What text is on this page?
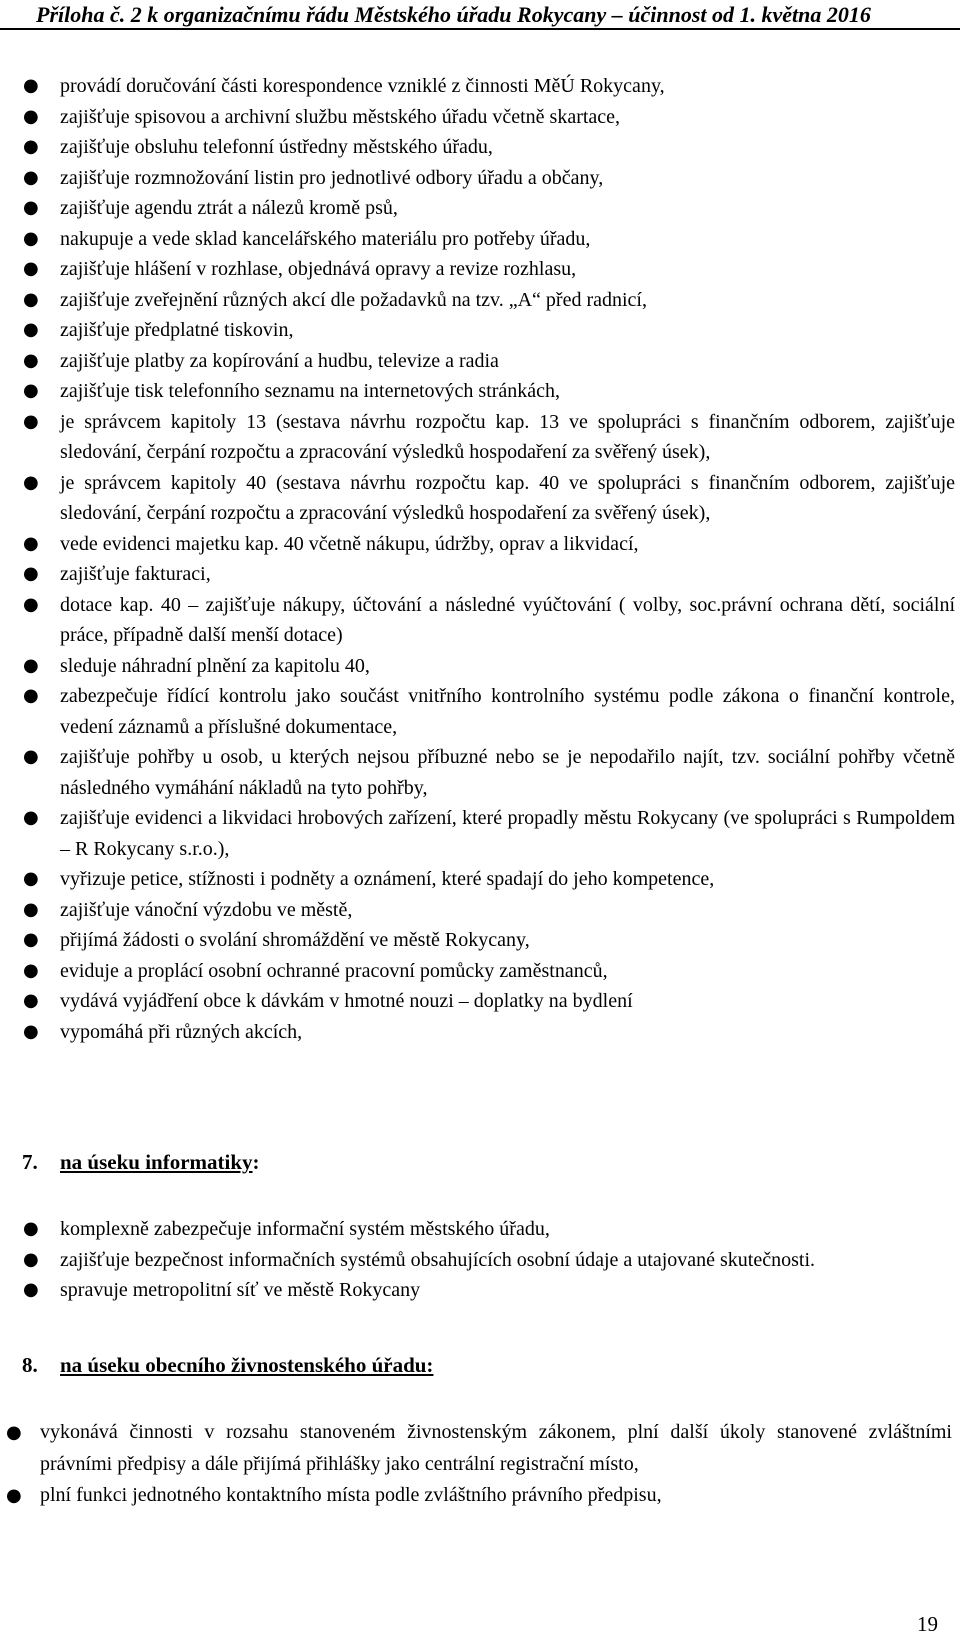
Příloha č. 2 k organizačnímu řádu Městského úřadu Rokycany – účinnost od 1. května 2016
● provádí doručování části korespondence vzniklé z činnosti MěÚ Rokycany,
● zajišťuje spisovou a archivní službu městského úřadu včetně skartace,
● zajišťuje obsluhu telefonní ústředny městského úřadu,
● zajišťuje rozmnožování listin pro jednotlivé odbory úřadu a občany,
● zajišťuje agendu ztrát a nálezů kromě psů,
● nakupuje a vede sklad kancelářského materiálu pro potřeby úřadu,
● zajišťuje hlášení v rozhlase, objednává opravy a revize rozhlasu,
● zajišťuje zveřejnění různých akcí dle požadavků na tzv. „A“ před radnicí,
● zajišťuje předplatné tiskovin,
● zajišťuje platby za kopírování a hudbu, televize a radia
● zajišťuje tisk telefonního seznamu na internetových stránkách,
● je správcem kapitoly 13 (sestava návrhu rozpočtu kap. 13 ve spolupráci s finančním odborem, zajišťuje sledování, čerpání rozpočtu a zpracování výsledků hospodaření za svěřený úsek),
● je správcem kapitoly 40 (sestava návrhu rozpočtu kap. 40 ve spolupráci s finančním odborem, zajišťuje sledování, čerpání rozpočtu a zpracování výsledků hospodaření za svěřený úsek),
● vede evidenci majetku kap. 40 včetně nákupu, údržby, oprav a likvidací,
● zajišťuje fakturaci,
● dotace kap. 40 – zajišťuje nákupy, účtování a následné vyúčtování ( volby, soc.právní ochrana dětí, sociální práce, případně další menší dotace)
● sleduje náhradní plnění za kapitolu 40,
● zabezpečuje řídící kontrolu jako součást vnitřního kontrolního systému podle zákona o finanční kontrole, vedení záznamů a příslušné dokumentace,
● zajišťuje pohřby u osob, u kterých nejsou příbuzné nebo se je nepodařilo najít, tzv. sociální pohřby včetně následného vymáhání nákladů na tyto pohřby,
● zajišťuje evidenci a likvidaci hrobových zařízení, které propadly městu Rokycany (ve spolupráci s Rumpoldem – R Rokycany s.r.o.),
● vyřizuje petice, stížnosti i podněty a oznámení, které spadají do jeho kompetence,
● zajišťuje vánoční výzdobu ve městě,
● přijímá žádosti o svolání shromáždění ve městě Rokycany,
● eviduje a proplácí osobní ochranné pracovní pomůcky zaměstnanců,
● vydává vyjádření obce k dávkám v hmotné nouzi – doplatky na bydlení
● vypomáhá při různých akcích,
7. na úseku informatiky:
● komplexně zabezpečuje informační systém městského úřadu,
● zajišťuje bezpečnost informačních systémů obsahujících osobní údaje a utajované skutečnosti.
● spravuje metropolitní síť ve městě Rokycany
8. na úseku obecního živnostenského úřadu:
● vykonává činnosti v rozsahu stanoveném živnostenským zákonem, plní další úkoly stanovené zvláštními právními předpisy a dále přijímá přihlášky jako centrální registrační místo,
● plní funkci jednotného kontaktního místa podle zvláštního právního předpisu,
19
